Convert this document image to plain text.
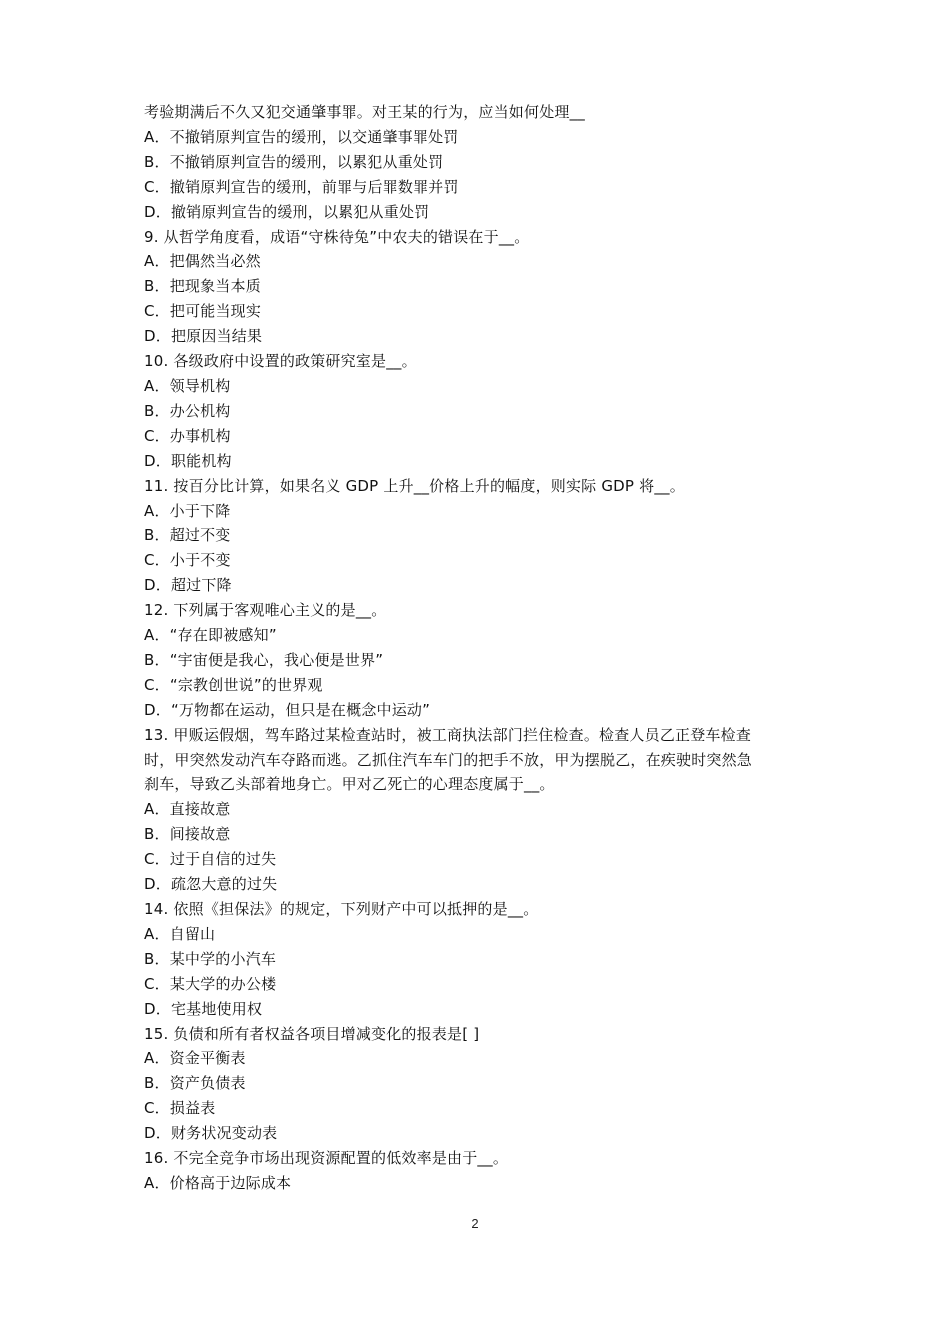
考验期满后不久又犯交通肇事罪。对王某的行为，应当如何处理__
A．不撤销原判宣告的缓刑，以交通肇事罪处罚
B．不撤销原判宣告的缓刑，以累犯从重处罚
C．撤销原判宣告的缓刑，前罪与后罪数罪并罚
D．撤销原判宣告的缓刑，以累犯从重处罚
9. 从哲学角度看，成语“守株待兔”中农夫的错误在于__。
A．把偶然当必然
B．把现象当本质
C．把可能当现实
D．把原因当结果
10. 各级政府中设置的政策研究室是__。
A．领导机构
B．办公机构
C．办事机构
D．职能机构
11. 按百分比计算，如果名义 GDP 上升__价格上升的幅度，则实际 GDP 将__。
A．小于下降
B．超过不变
C．小于不变
D．超过下降
12. 下列属于客观唯心主义的是__。
A．“存在即被感知”
B．“宇宙便是我心，我心便是世界”
C．“宗教创世说”的世界观
D．“万物都在运动，但只是在概念中运动”
13. 甲贩运假烟，驾车路过某检查站时，被工商执法部门拦住检查。检查人员乙正登车检查
时，甲突然发动汽车夺路而逃。乙抓住汽车车门的把手不放，甲为摆脱乙，在疾驶时突然急
刹车，导致乙头部着地身亡。甲对乙死亡的心理态度属于__。
A．直接故意
B．间接故意
C．过于自信的过失
D．疏忽大意的过失
14. 依照《担保法》的规定，下列财产中可以抵押的是__。
A．自留山
B．某中学的小汽车
C．某大学的办公楼
D．宅基地使用权
15. 负债和所有者权益各项目增减变化的报表是[ ]
A．资金平衡表
B．资产负债表
C．损益表
D．财务状况变动表
16. 不完全竞争市场出现资源配置的低效率是由于__。
A．价格高于边际成本
2
